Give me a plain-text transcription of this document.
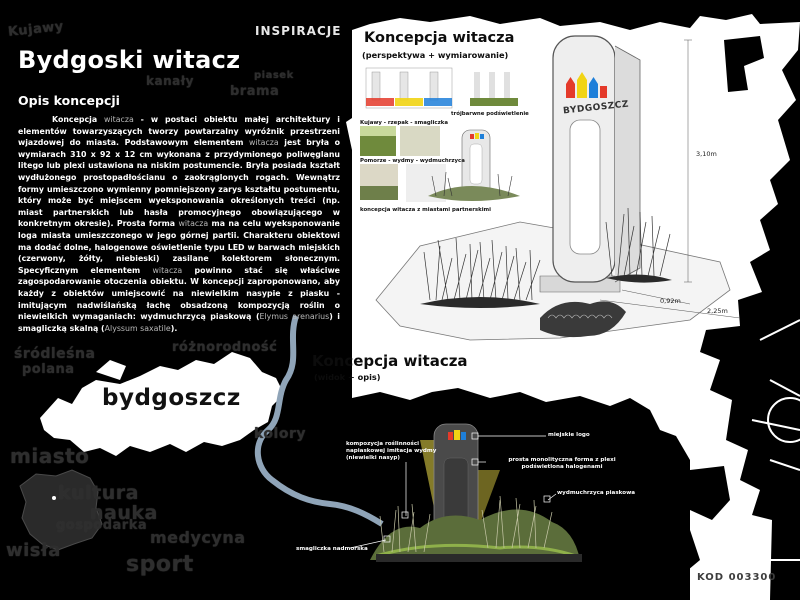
Kujawy	INSPIRACJE
kanały	piasek
brama
śródleśna
polana
różnorodność
kolory
miasto
kultura
nauka
gospodarka
medycyna
wisła
sport
Bydgoski witacz
Opis koncepcji
Koncepcja witacza - w postaci obiektu małej architektury i elementów towarzyszących tworzy powtarzalny wyróżnik przestrzeni wjazdowej do miasta. Podstawowym elementem witacza jest bryła o wymiarach 310 x 92 x 12 cm wykonana z przydymionego poliwęglanu litego lub plexi ustawiona na niskim postumencie. Bryła posiada kształt wydłużonego prostopadłościanu o zaokrąglonych rogach. Wewnątrz formy umieszczono wymienny pomniejszony zarys kształtu postumentu, który może być miejscem wyeksponowania określonych treści (np. miast partnerskich lub hasła promocyjnego obowiązującego w konkretnym okresie). Prosta forma witacza ma na celu wyeksponowanie loga miasta umieszczonego w jego górnej partii. Charakteru obiektowi ma dodać dolne, halogenowe oświetlenie typu LED w barwach miejskich (czerwony, żółty, niebieski) zasilane kolektorem słonecznym. Specyficznym elementem witacza powinno stać się właściwe zagospodarowanie otoczenia obiektu. W koncepcji zaproponowano, aby każdy z obiektów umiejscowić na niewielkim nasypie z piasku - imitującym nadwiślańską łachę obsadzoną kompozycją roślin o niewielkich wymaganiach: wydmuchrzycą piaskową (Elymus arenarius) i smagliczką skalną (Alyssum saxatile).
bydgoszcz
BYDGOSZCZ
Koncepcja witacza
(perspektywa + wymiarowanie)
trójbarwne podświetlenie
Kujawy - rzepak - smagliczka
Pomorze - wydmy - wydmuchrzyca
koncepcja witacza z miastami partnerskimi
3,10m
0,92m
2,25m
Koncepcja witacza
(widok + opis)
kompozycja roślinności napiaskowej imitacja wydmy (niewielki nasyp)
miejskie logo
prosta monolityczna forma z plexi podświetlona halogenami
wydmuchrzyca piaskowa
smagliczka nadmorska
KOD 003300
